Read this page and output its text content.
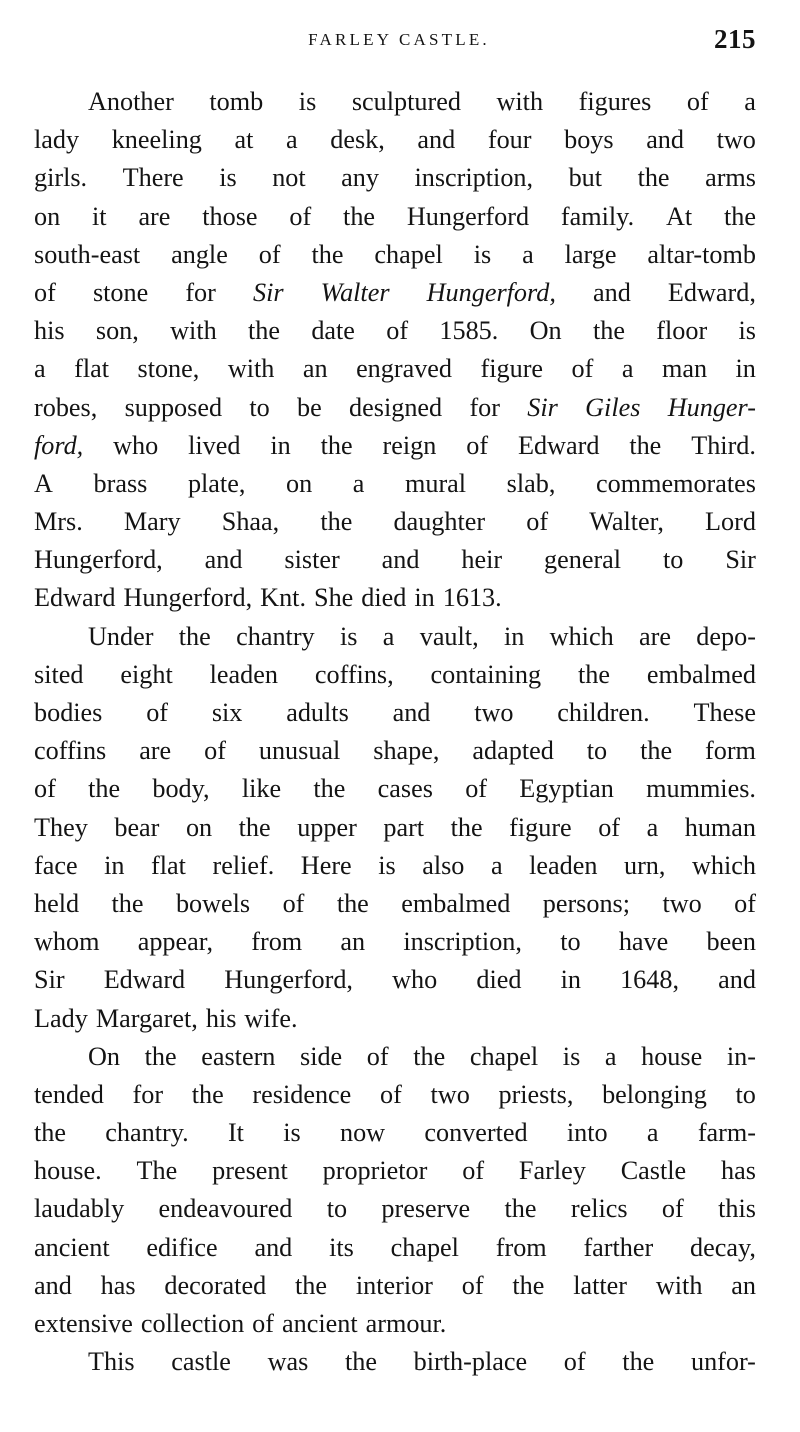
FARLEY CASTLE.	215
Another tomb is sculptured with figures of a
lady kneeling at a desk, and four boys and two
girls. There is not any inscription, but the arms
on it are those of the Hungerford family. At the
south-east angle of the chapel is a large altar-tomb
of stone for Sir Walter Hungerford, and Edward,
his son, with the date of 1585. On the floor is
a flat stone, with an engraved figure of a man in
robes, supposed to be designed for Sir Giles Hunger-
ford, who lived in the reign of Edward the Third.
A brass plate, on a mural slab, commemorates
Mrs. Mary Shaa, the daughter of Walter, Lord
Hungerford, and sister and heir general to Sir
Edward Hungerford, Knt. She died in 1613.
Under the chantry is a vault, in which are depo-
sited eight leaden coffins, containing the embalmed
bodies of six adults and two children. These
coffins are of unusual shape, adapted to the form
of the body, like the cases of Egyptian mummies.
They bear on the upper part the figure of a human
face in flat relief. Here is also a leaden urn, which
held the bowels of the embalmed persons; two of
whom appear, from an inscription, to have been
Sir Edward Hungerford, who died in 1648, and
Lady Margaret, his wife.
On the eastern side of the chapel is a house in-
tended for the residence of two priests, belonging to
the chantry. It is now converted into a farm-
house. The present proprietor of Farley Castle has
laudably endeavoured to preserve the relics of this
ancient edifice and its chapel from farther decay,
and has decorated the interior of the latter with an
extensive collection of ancient armour.
This castle was the birth-place of the unfor-
